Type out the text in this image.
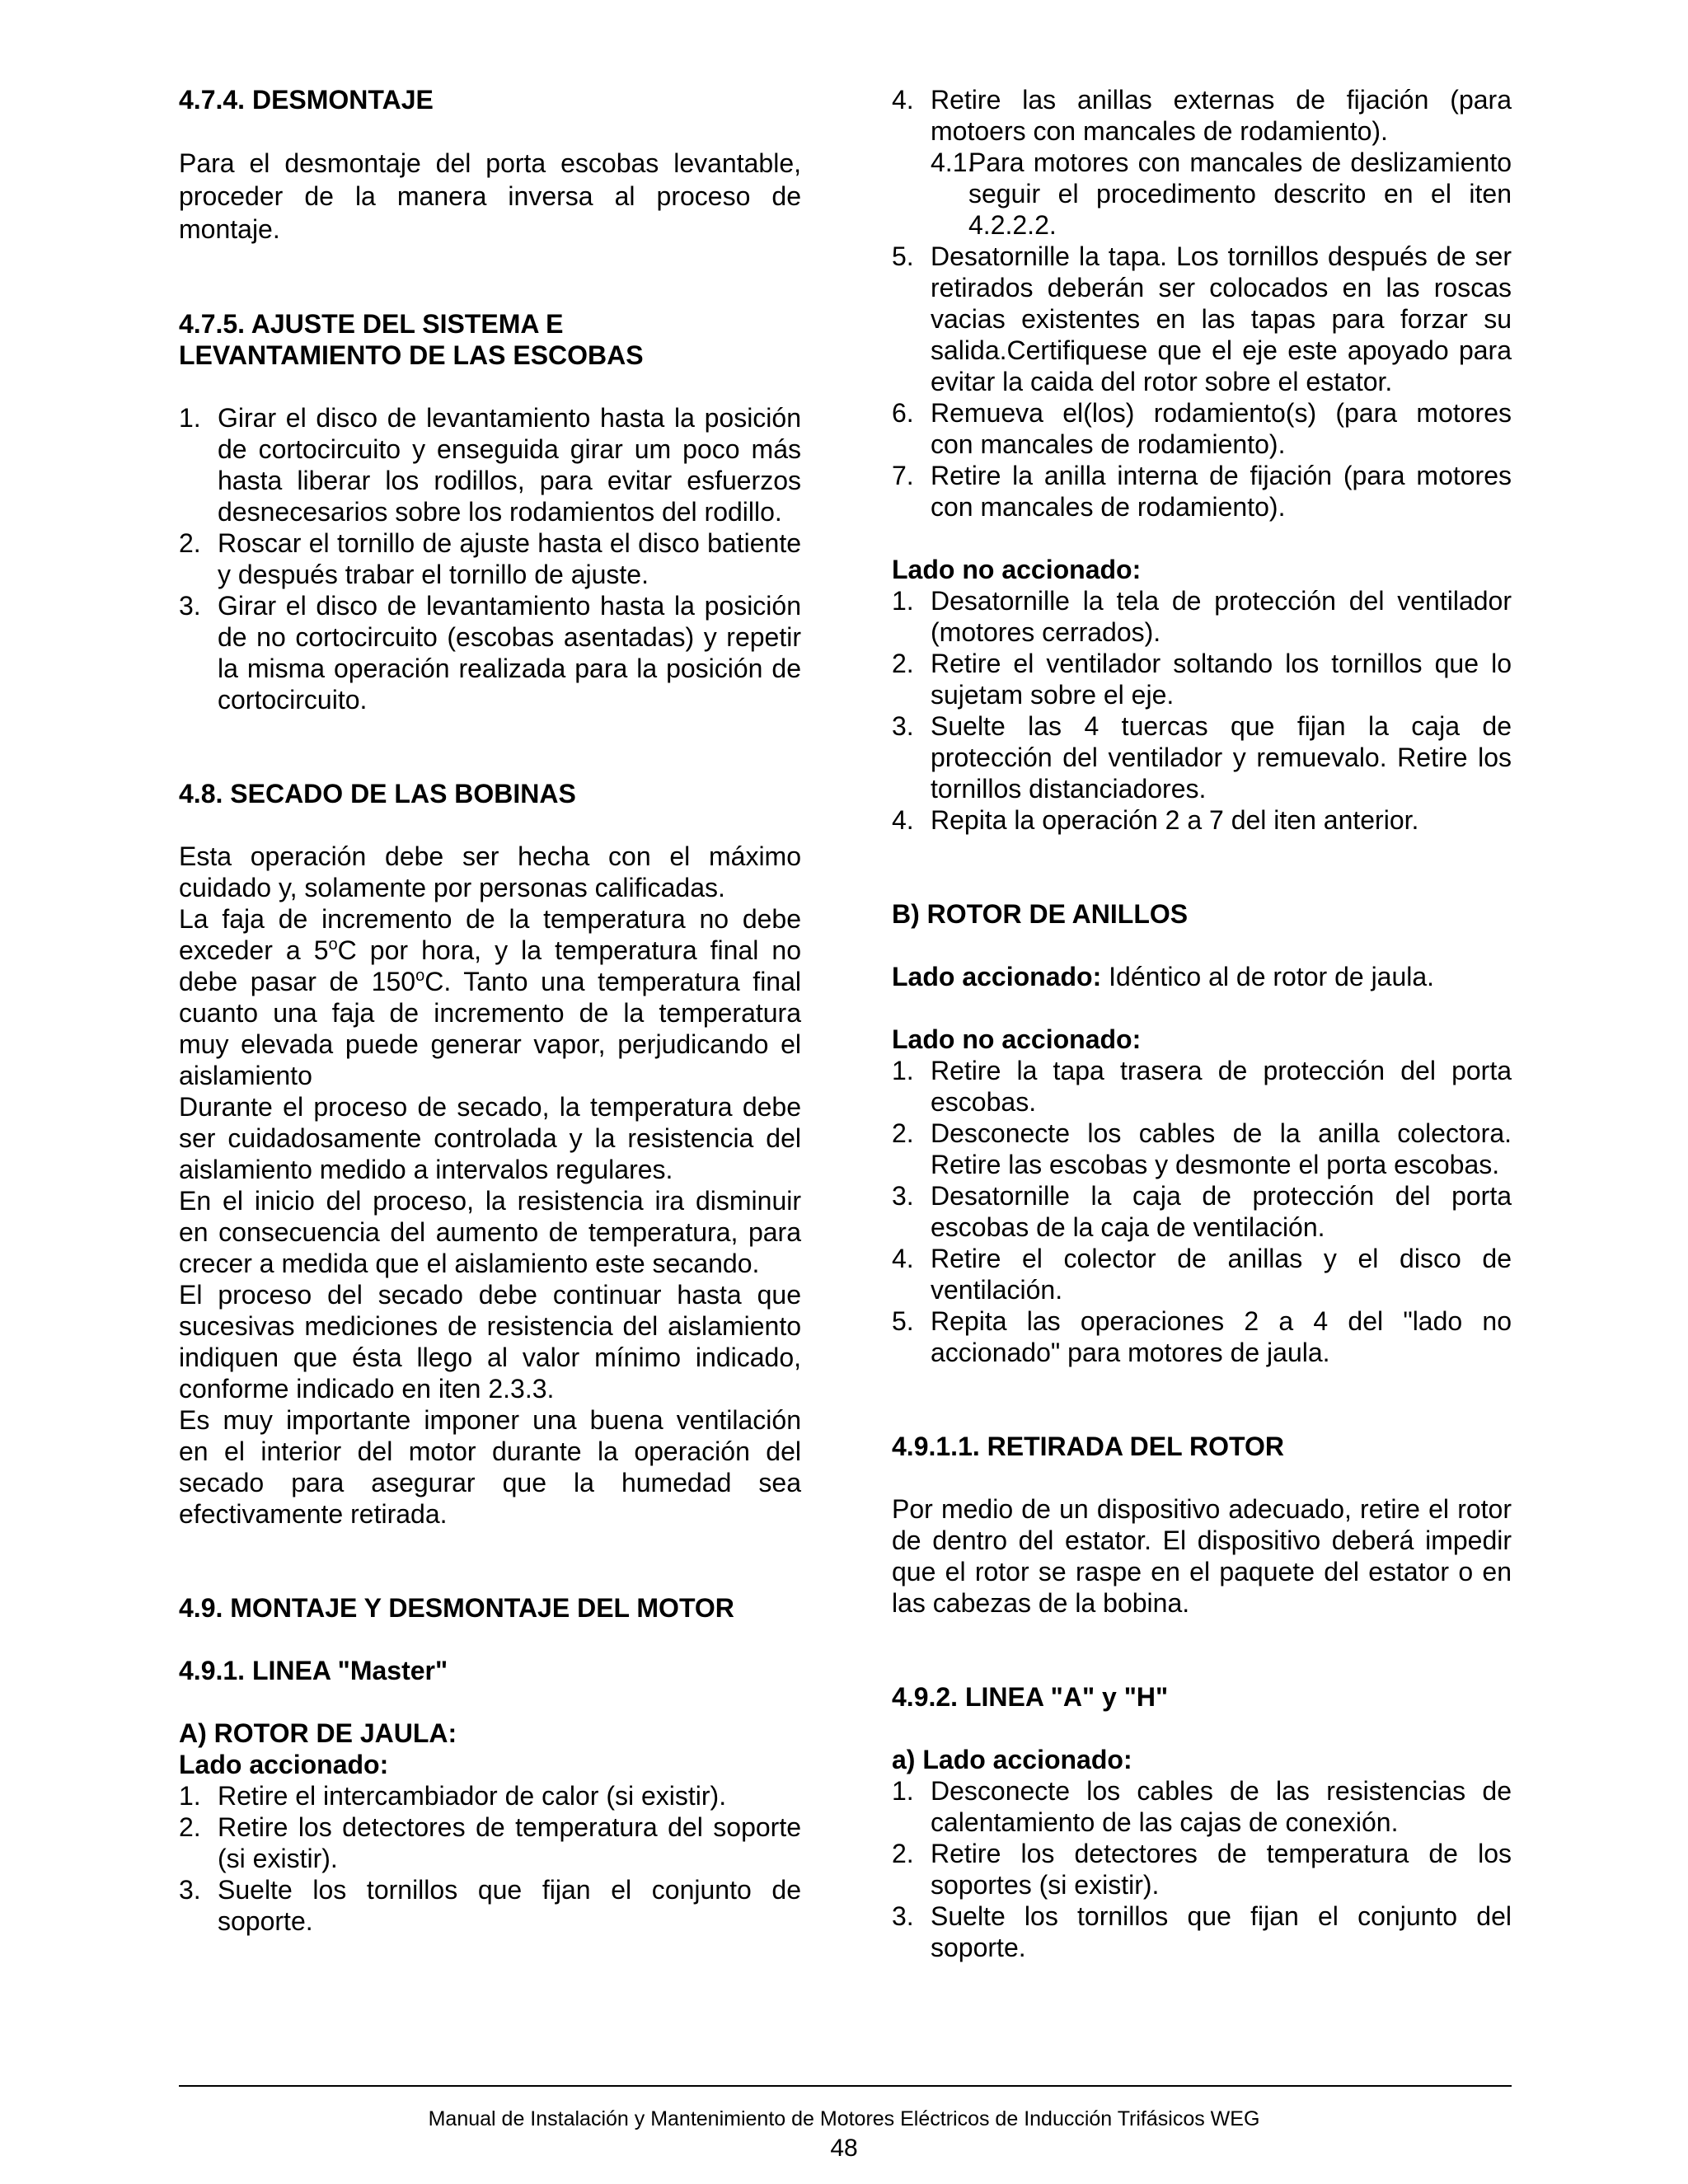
4.7.4. DESMONTAJE

Para el desmontaje del porta escobas levantable, proceder de la manera inversa al proceso de montaje.

4.7.5. AJUSTE DEL SISTEMA E
LEVANTAMIENTO DE LAS ESCOBAS
1. Girar el disco de levantamiento hasta la posición de cortocircuito y enseguida girar um poco más hasta liberar los rodillos, para evitar esfuerzos desnecesarios sobre los rodamientos del rodillo.
2. Roscar el tornillo de ajuste hasta el disco batiente y después trabar el tornillo de ajuste.
3. Girar el disco de levantamiento hasta la posición de no cortocircuito (escobas asentadas) y repetir la misma operación realizada para la posición de cortocircuito.
4.8. SECADO DE LAS BOBINAS

Esta operación debe ser hecha con el máximo cuidado y, solamente por personas calificadas.

La faja de incremento de la temperatura no debe exceder a 5$^o$C por hora, y la temperatura final no debe pasar de 150$^o$C. Tanto una temperatura final cuanto una faja de incremento de la temperatura muy elevada puede generar vapor, perjudicando el aislamiento

Durante el proceso de secado, la temperatura debe ser cuidadosamente controlada y la resistencia del aislamiento medido a intervalos regulares.

En el inicio del proceso, la resistencia ira disminuir en consecuencia del aumento de temperatura, para crecer a medida que el aislamiento este secando.

El proceso del secado debe continuar hasta que sucesivas mediciones de resistencia del aislamiento indiquen que ésta llego al valor mínimo indicado, conforme indicado en iten 2.3.3.

Es muy importante imponer una buena ventilación en el interior del motor durante la operación del secado para asegurar que la humedad sea efectivamente retirada.

4.9. MONTAJE Y DESMONTAJE DEL MOTOR
4.9.1. LINEA "Master"
A) ROTOR DE JAULA:
Lado accionado:
1. Retire el intercambiador de calor (si existir).
2. Retire los detectores de temperatura del soporte (si existir).
3. Suelte los tornillos que fijan el conjunto de soporte.
4. Retire las anillas externas de fijación (para motoers con mancales de rodamiento).
4.1.
Para motores con mancales de deslizamiento seguir el procedimento descrito en el iten 4.2.2.2.
5. Desatornille la tapa. Los tornillos después de ser retirados deberán ser colocados en las roscas vacias existentes en las tapas para forzar su salida.Certifiquese que el eje este apoyado para evitar la caida del rotor sobre el estator.
6. Remueva el(los) rodamiento(s) (para motores con mancales de rodamiento).
7. Retire la anilla interna de fijación (para motores con mancales de rodamiento).
Lado no accionado:
1. Desatornille la tela de protección del ventilador (motores cerrados).
2. Retire el ventilador soltando los tornillos que lo sujetam sobre el eje.
3. Suelte las 4 tuercas que fijan la caja de protección del ventilador y remuevalo. Retire los tornillos distanciadores.
4. Repita la operación 2 a 7 del iten anterior.
B) ROTOR DE ANILLOS

Lado accionado: Idéntico al de rotor de jaula.

Lado no accionado:
1. Retire la tapa trasera de protección del porta escobas.
2. Desconecte los cables de la anilla colectora. Retire las escobas y desmonte el porta escobas.
3. Desatornille la caja de protección del porta escobas de la caja de ventilación.
4. Retire el colector de anillas y el disco de ventilación.
5. Repita las operaciones 2 a 4 del "lado no accionado" para motores de jaula.
4.9.1.1. RETIRADA DEL ROTOR

Por medio de un dispositivo adecuado, retire el rotor de dentro del estator. El dispositivo deberá impedir que el rotor se raspe en el paquete del estator o en las cabezas de la bobina.

4.9.2. LINEA "A" y "H"
a) Lado accionado:
1. Desconecte los cables de las resistencias de calentamiento de las cajas de conexión.
2. Retire los detectores de temperatura de los soportes (si existir).
3. Suelte los tornillos que fijan el conjunto del soporte.
Manual de Instalación y Mantenimiento de Motores Eléctricos de Inducción Trifásicos WEG
48
